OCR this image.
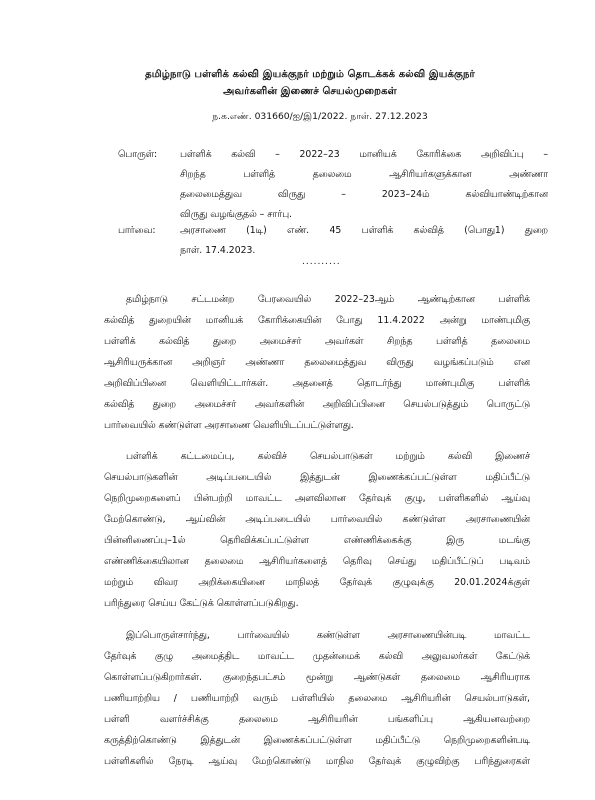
தமிழ்நாடு பள்ளிக் கல்வி இயக்குநர் மற்றும் தொடக்கக் கல்வி இயக்குநர்
அவர்களின் இணைச் செயல்முறைகள்
ந.க.எண். 031660/ஐ/இ1/2022. நாள். 27.12.2023
பொருள்:	பள்ளிக் கல்வி – 2022–23 மானியக் கோரிக்கை அறிவிப்பு –
சிறந்த பள்ளித் தலைமை ஆசிரியர்களுக்கான அண்ணா
தலைமைத்துவ விருது – 2023–24ம் கல்வியாண்டிற்கான
விருது வழங்குதல் – சார்பு.
பார்வை:	அரசாணை (1டி) எண். 45 பள்ளிக் கல்வித் (பொது1) துறை
நாள். 17.4.2023.
..........
தமிழ்நாடு சட்டமன்ற பேரவையில் 2022–23ஆம் ஆண்டிற்கான பள்ளிக்
கல்வித் துறையின் மானியக் கோரிக்கையின் போது 11.4.2022 அன்று மாண்புமிகு
பள்ளிக் கல்வித் துறை அமைச்சர் அவர்கள் சிறந்த பள்ளித் தலைமை
ஆசிரியருக்கான அறிஞர் அண்ணா தலைமைத்துவ விருது வழங்கப்படும் என
அறிவிப்பினை வெளியிட்டார்கள். அதனைத் தொடர்ந்து மாண்புமிகு பள்ளிக்
கல்வித் துறை அமைச்சர் அவர்களின் அறிவிப்பினை செயல்படுத்தும் பொருட்டு
பார்வையில் கண்டுள்ள அரசாணை வெளியிடப்பட்டுள்ளது.
பள்ளிக் கட்டமைப்பு, கல்விச் செயல்பாடுகள் மற்றும் கல்வி இணைச்
செயல்பாடுகளின் அடிப்படையில் இத்துடன் இணைக்கப்பட்டுள்ள மதிப்பீட்டு
நெறிமுறைகளைப் பின்பற்றி மாவட்ட அளவிலான தேர்வுக் குழு, பள்ளிகளில் ஆய்வு
மேற்கொண்டு, ஆய்வின் அடிப்படையில் பார்வையில் கண்டுள்ள அரசாணையின்
பின்னிணைப்பு–1ல் தெரிவிக்கப்பட்டுள்ள எண்ணிக்கைக்கு இரு மடங்கு
எண்ணிக்கையிலான தலைமை ஆசிரியர்களைத் தெரிவு செய்து மதிப்பீட்டுப் படிவம்
மற்றும் விவர அறிக்கையினை மாநிலத் தேர்வுக் குழுவுக்கு 20.01.2024க்குள்
பரிந்துரை செய்ய கேட்டுக் கொள்ளப்படுகிறது.
இப்பொருள்சார்ந்து, பார்வையில் கண்டுள்ள அரசாணையின்படி மாவட்ட
தேர்வுக் குழு அமைத்திட மாவட்ட முதன்மைக் கல்வி அலுவலர்கள் கேட்டுக்
கொள்ளப்படுகிறார்கள். குறைந்தபட்சம் மூன்று ஆண்டுகள் தலைமை ஆசிரியராக
பணியாற்றிய / பணியாற்றி வரும் பள்ளியில் தலைமை ஆசிரியரின் செயல்பாடுகள்,
பள்ளி வளர்ச்சிக்கு தலைமை ஆசிரியரின் பங்களிப்பு ஆகியனவற்றை
கருத்திற்கொண்டு இத்துடன் இணைக்கப்பட்டுள்ள மதிப்பீட்டு நெறிமுறைகளின்படி
பள்ளிகளில் நேரடி ஆய்வு மேற்கொண்டு மாநில தேர்வுக் குழுவிற்கு பரிந்துரைகள்
